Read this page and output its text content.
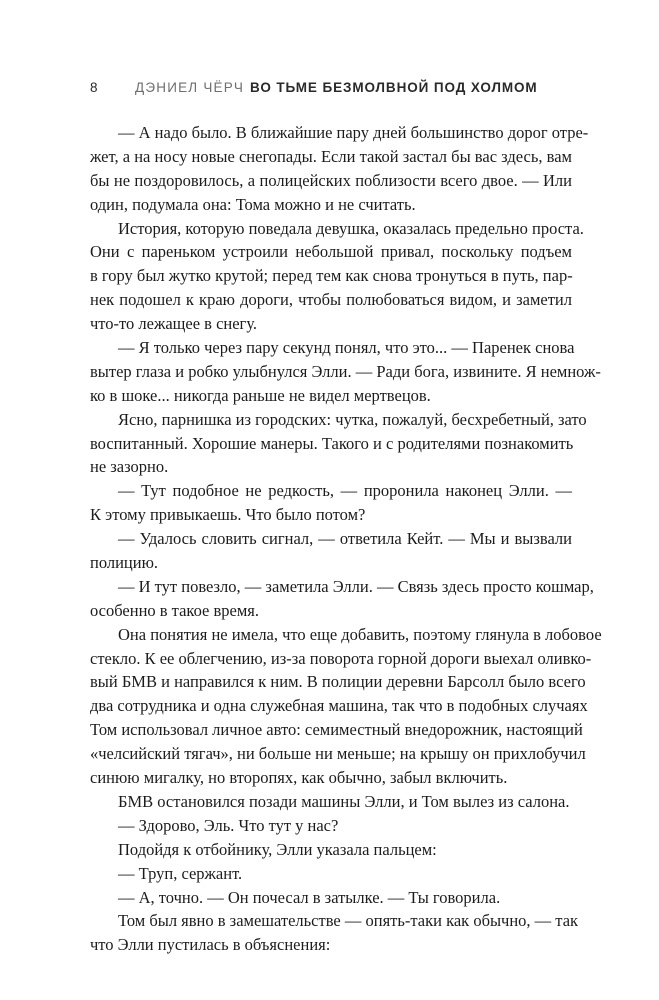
8	ДЭНИЕЛ ЧЁРЧ ВО ТЬМЕ БЕЗМОЛВНОЙ ПОД ХОЛМОМ
— А надо было. В ближайшие пару дней большинство дорог отре-
жет, а на носу новые снегопады. Если такой застал бы вас здесь, вам
бы не поздоровилось, а полицейских поблизости всего двое. — Или
один, подумала она: Тома можно и не считать.
История, которую поведала девушка, оказалась предельно проста.
Они с пареньком устроили небольшой привал, поскольку подъем
в гору был жутко крутой; перед тем как снова тронуться в путь, пар-
нек подошел к краю дороги, чтобы полюбоваться видом, и заметил
что-то лежащее в снегу.
— Я только через пару секунд понял, что это... — Паренек снова
вытер глаза и робко улыбнулся Элли. — Ради бога, извините. Я немнож-
ко в шоке... никогда раньше не видел мертвецов.
Ясно, парнишка из городских: чутка, пожалуй, бесхребетный, зато
воспитанный. Хорошие манеры. Такого и с родителями познакомить
не зазорно.
— Тут подобное не редкость, — проронила наконец Элли. —
К этому привыкаешь. Что было потом?
— Удалось словить сигнал, — ответила Кейт. — Мы и вызвали
полицию.
— И тут повезло, — заметила Элли. — Связь здесь просто кошмар,
особенно в такое время.
Она понятия не имела, что еще добавить, поэтому глянула в лобовое
стекло. К ее облегчению, из-за поворота горной дороги выехал оливко-
вый БМВ и направился к ним. В полиции деревни Барсолл было всего
два сотрудника и одна служебная машина, так что в подобных случаях
Том использовал личное авто: семиместный внедорожник, настоящий
«челсийский тягач», ни больше ни меньше; на крышу он прихлобучил
синюю мигалку, но второпях, как обычно, забыл включить.
БМВ остановился позади машины Элли, и Том вылез из салона.
— Здорово, Эль. Что тут у нас?
Подойдя к отбойнику, Элли указала пальцем:
— Труп, сержант.
— А, точно. — Он почесал в затылке. — Ты говорила.
Том был явно в замешательстве — опять-таки как обычно, — так
что Элли пустилась в объяснения:
